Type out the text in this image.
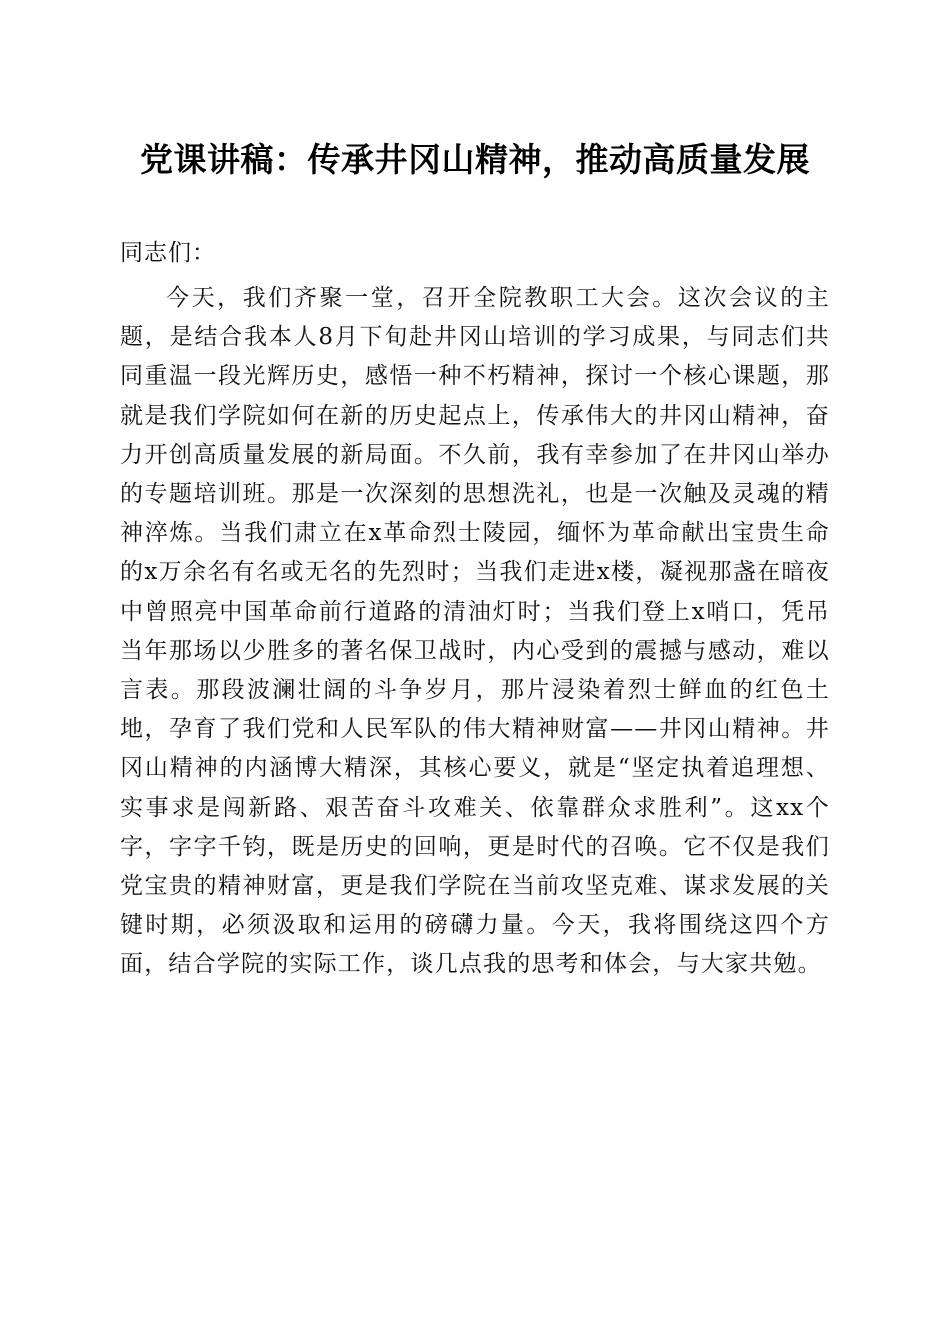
党课讲稿：传承井冈山精神，推动高质量发展
同志们：

今天，我们齐聚一堂，召开全院教职工大会。这次会议的主题，是结合我本人8月下旬赴井冈山培训的学习成果，与同志们共同重温一段光辉历史，感悟一种不朽精神，探讨一个核心课题，那就是我们学院如何在新的历史起点上，传承伟大的井冈山精神，奋力开创高质量发展的新局面。不久前，我有幸参加了在井冈山举办的专题培训班。那是一次深刻的思想洗礼，也是一次触及灵魂的精神淬炼。当我们肃立在x革命烈士陵园，缅怀为革命献出宝贵生命的x万余名有名或无名的先烈时；当我们走进x楼，凝视那盏在暗夜中曾照亮中国革命前行道路的清油灯时；当我们登上x哨口，凭吊当年那场以少胜多的著名保卫战时，内心受到的震撼与感动，难以言表。那段波澜壮阔的斗争岁月，那片浸染着烈士鲜血的红色土地，孕育了我们党和人民军队的伟大精神财富——井冈山精神。井冈山精神的内涵博大精深，其核心要义，就是“坚定执着追理想、实事求是闯新路、艰苦奋斗攻难关、依靠群众求胜利”。这xx个字，字字千钧，既是历史的回响，更是时代的召唤。它不仅是我们党宝贵的精神财富，更是我们学院在当前攻坚克难、谋求发展的关键时期，必须汲取和运用的磅礴力量。今天，我将围绕这四个方面，结合学院的实际工作，谈几点我的思考和体会，与大家共勉。
